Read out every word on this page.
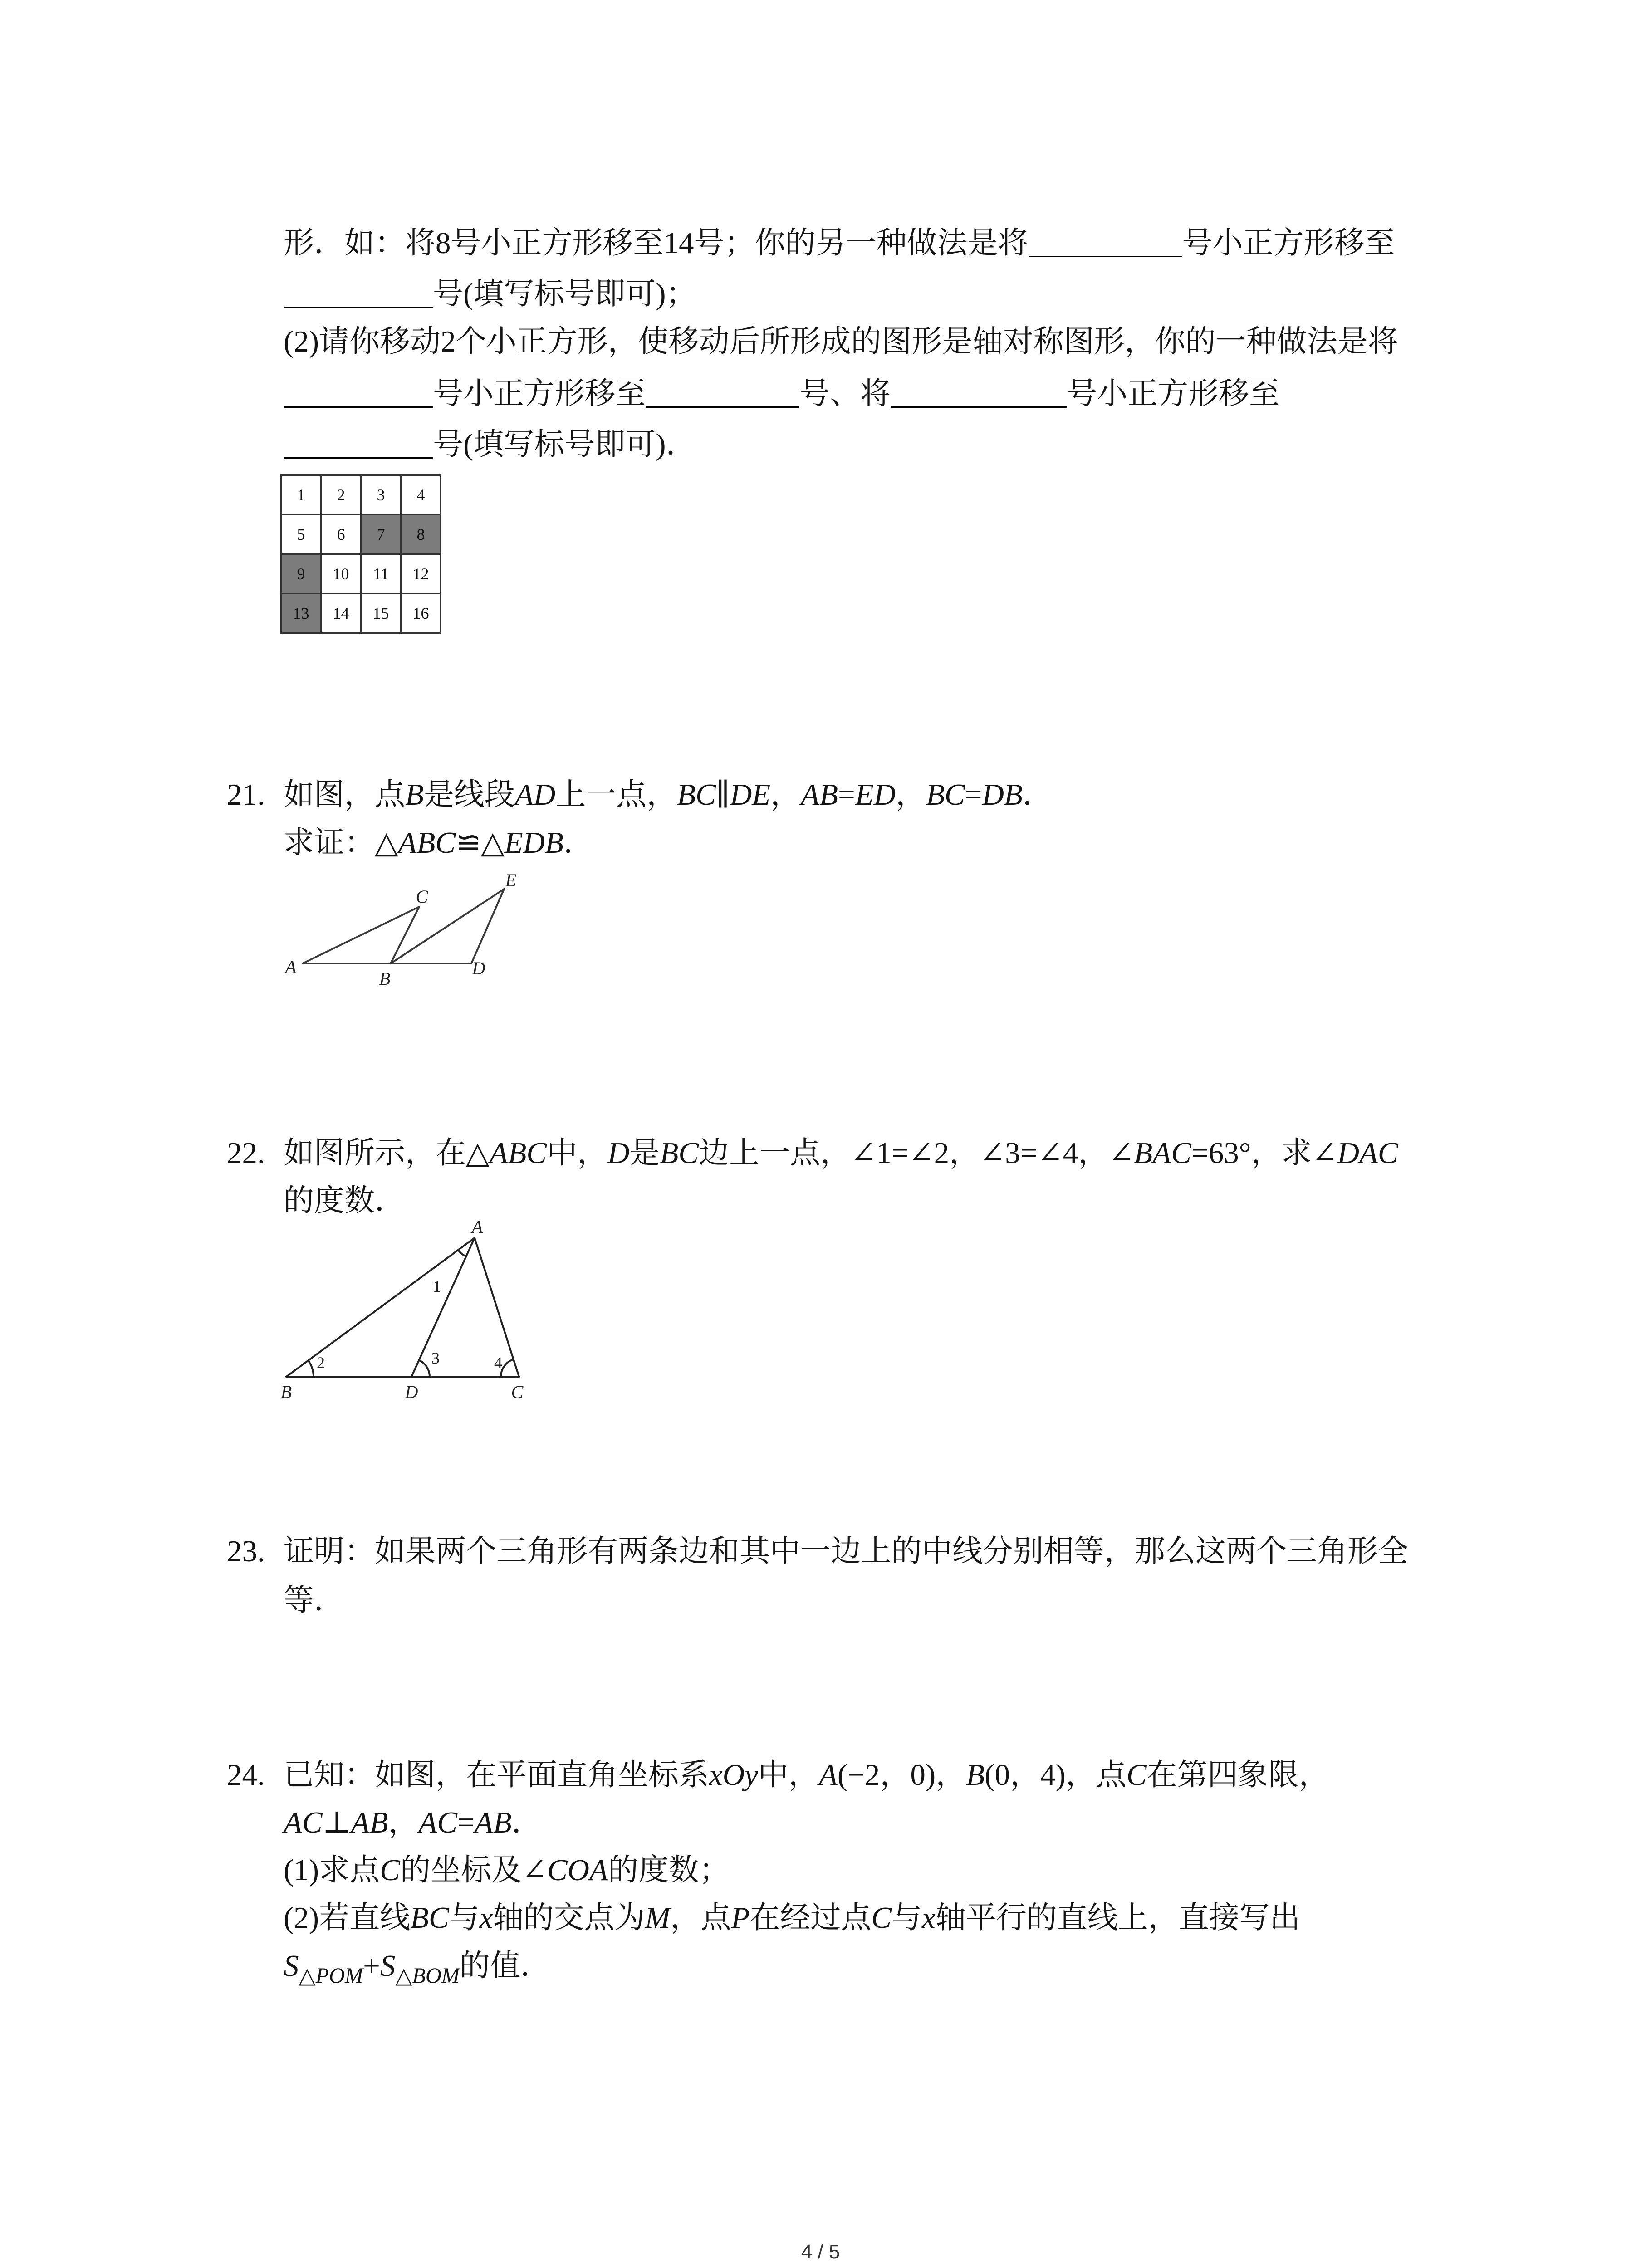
形．如：将8号小正方形移至14号；你的另一种做法是将	号小正方形移至
号(填写标号即可)；
(2)请你移动2个小正方形，使移动后所形成的图形是轴对称图形，你的一种做法是将
号小正方形移至	号、将	号小正方形移至
号(填写标号即可)．
1	2	3	4
5	6	7	8
9	10	11	12
13	14	15	16
21. 如图，点B是线段AD上一点，BC∥DE，AB=ED，BC=DB．
求证：△ABC≌△EDB．
A
B
C
D
E
22. 如图所示，在△ABC中，D是BC边上一点，∠1=∠2，∠3=∠4，∠BAC=63°，求∠DAC
的度数．
A
B	D	C
1
2	3	4
23. 证明：如果两个三角形有两条边和其中一边上的中线分别相等，那么这两个三角形全
等．
24. 已知：如图，在平面直角坐标系xOy中，A(−2，0)，B(0，4)，点C在第四象限，
AC⊥AB，AC=AB．
(1)求点C的坐标及∠COA的度数；
(2)若直线BC与x轴的交点为M，点P在经过点C与x轴平行的直线上，直接写出
$S_{\triangle POM}+S_{\triangle BOM}$的值．
4 / 5
